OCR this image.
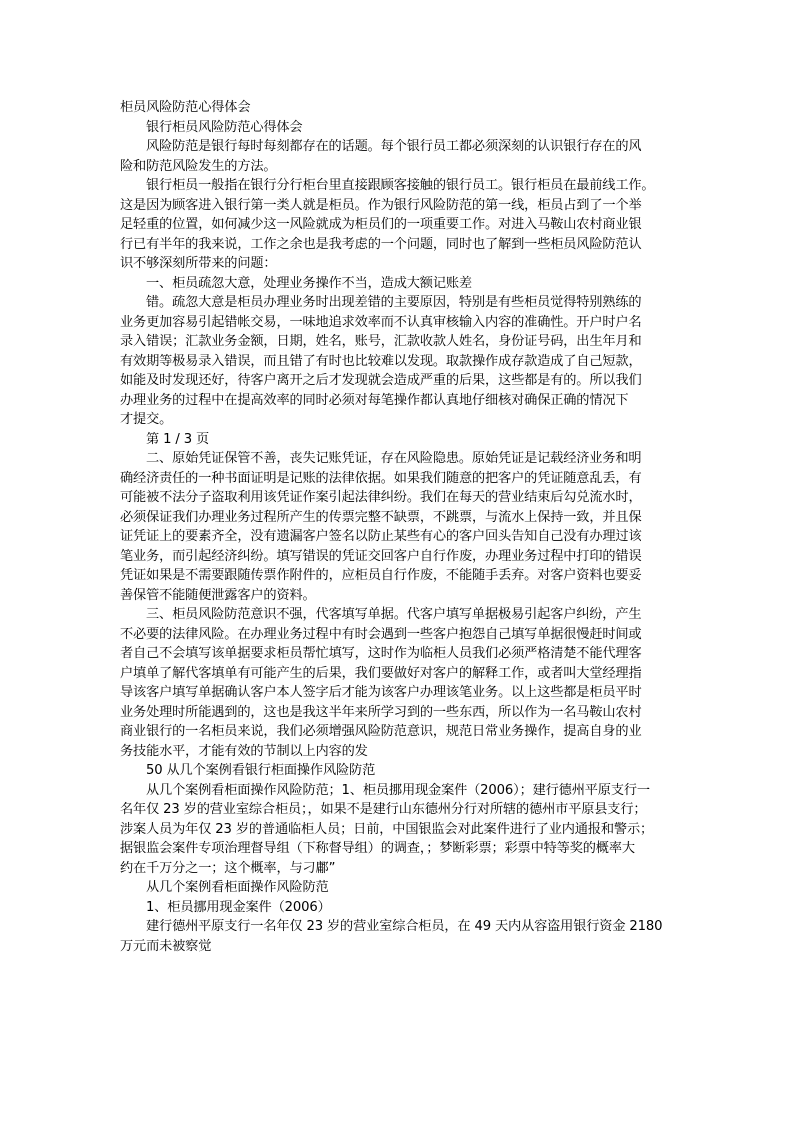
柜员风险防范心得体会
银行柜员风险防范心得体会
风险防范是银行每时每刻都存在的话题。每个银行员工都必须深刻的认识银行存在的风
险和防范风险发生的方法。
银行柜员一般指在银行分行柜台里直接跟顾客接触的银行员工。银行柜员在最前线工作。
这是因为顾客进入银行第一类人就是柜员。作为银行风险防范的第一线，柜员占到了一个举
足轻重的位置，如何减少这一风险就成为柜员们的一项重要工作。对进入马鞍山农村商业银
行已有半年的我来说，工作之余也是我考虑的一个问题，同时也了解到一些柜员风险防范认
识不够深刻所带来的问题：
一、柜员疏忽大意，处理业务操作不当，造成大额记账差
错。疏忽大意是柜员办理业务时出现差错的主要原因，特别是有些柜员觉得特别熟练的
业务更加容易引起错帐交易，一味地追求效率而不认真审核输入内容的准确性。开户时户名
录入错误；汇款业务金额，日期，姓名，账号，汇款收款人姓名，身份证号码，出生年月和
有效期等极易录入错误，而且错了有时也比较难以发现。取款操作成存款造成了自己短款，
如能及时发现还好，待客户离开之后才发现就会造成严重的后果，这些都是有的。所以我们
办理业务的过程中在提高效率的同时必须对每笔操作都认真地仔细核对确保正确的情况下
才提交。
第 1 / 3 页
二、原始凭证保管不善，丧失记账凭证，存在风险隐患。原始凭证是记载经济业务和明
确经济责任的一种书面证明是记账的法律依据。如果我们随意的把客户的凭证随意乱丢，有
可能被不法分子盗取利用该凭证作案引起法律纠纷。我们在每天的营业结束后勾兑流水时，
必须保证我们办理业务过程所产生的传票完整不缺票，不跳票，与流水上保持一致，并且保
证凭证上的要素齐全，没有遗漏客户签名以防止某些有心的客户回头告知自己没有办理过该
笔业务，而引起经济纠纷。填写错误的凭证交回客户自行作废，办理业务过程中打印的错误
凭证如果是不需要跟随传票作附件的，应柜员自行作废，不能随手丢弃。对客户资料也要妥
善保管不能随便泄露客户的资料。
三、柜员风险防范意识不强，代客填写单据。代客户填写单据极易引起客户纠纷，产生
不必要的法律风险。在办理业务过程中有时会遇到一些客户抱怨自己填写单据很慢赶时间或
者自己不会填写该单据要求柜员帮忙填写，这时作为临柜人员我们必须严格清楚不能代理客
户填单了解代客填单有可能产生的后果，我们要做好对客户的解释工作，或者叫大堂经理指
导该客户填写单据确认客户本人签字后才能为该客户办理该笔业务。以上这些都是柜员平时
业务处理时所能遇到的，这也是我这半年来所学习到的一些东西，所以作为一名马鞍山农村
商业银行的一名柜员来说，我们必须增强风险防范意识，规范日常业务操作，提高自身的业
务技能水平，才能有效的节制以上内容的发
50 从几个案例看银行柜面操作风险防范
从几个案例看柜面操作风险防范；1、柜员挪用现金案件（2006）；建行德州平原支行一
名年仅 23 岁的营业室综合柜员；，如果不是建行山东德州分行对所辖的德州市平原县支行；
涉案人员为年仅 23 岁的普通临柜人员；日前，中国银监会对此案件进行了业内通报和警示；
据银监会案件专项治理督导组（下称督导组）的调查，；梦断彩票；彩票中特等奖的概率大
约在千万分之一；这个概率，与刁鄘”
从几个案例看柜面操作风险防范
1、柜员挪用现金案件（2006）
建行德州平原支行一名年仅 23 岁的营业室综合柜员，在 49 天内从容盗用银行资金 2180
万元而未被察觉
